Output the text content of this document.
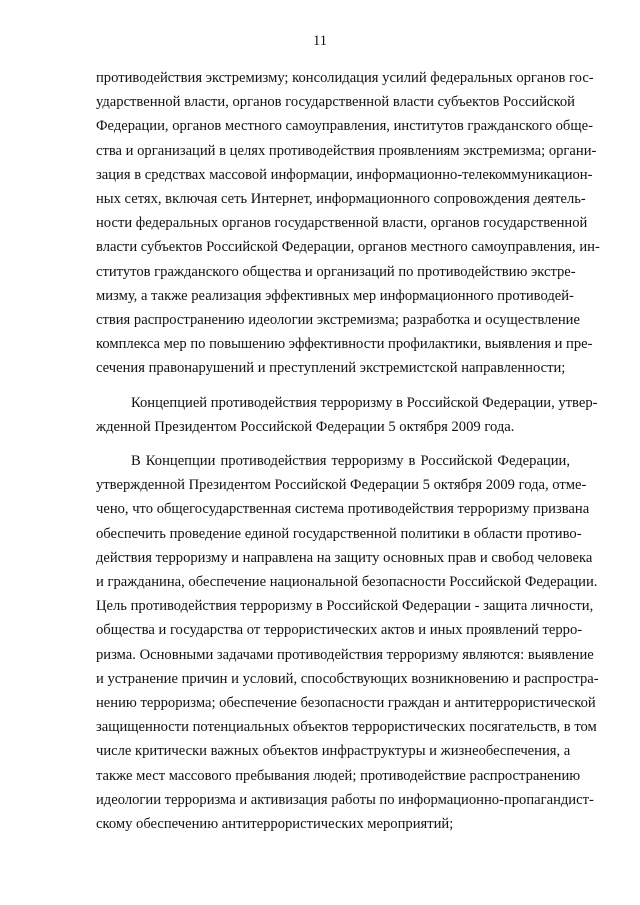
11
противодействия экстремизму; консолидация усилий федеральных органов гос-
ударственной власти, органов государственной власти субъектов Российской
Федерации, органов местного самоуправления, институтов гражданского обще-
ства и организаций в целях противодействия проявлениям экстремизма; органи-
зация в средствах массовой информации, информационно-телекоммуникацион-
ных сетях, включая сеть Интернет, информационного сопровождения деятель-
ности федеральных органов государственной власти, органов государственной
власти субъектов Российской Федерации, органов местного самоуправления, ин-
ститутов гражданского общества и организаций по противодействию экстре-
мизму, а также реализация эффективных мер информационного противодей-
ствия распространению идеологии экстремизма; разработка и осуществление
комплекса мер по повышению эффективности профилактики, выявления и пре-
сечения правонарушений и преступлений экстремистской направленности;
Концепцией противодействия терроризму в Российской Федерации, утвер-
жденной Президентом Российской Федерации 5 октября 2009 года.
В Концепции противодействия терроризму в Российской Федерации,
утвержденной Президентом Российской Федерации 5 октября 2009 года, отме-
чено, что общегосударственная система противодействия терроризму призвана
обеспечить проведение единой государственной политики в области противо-
действия терроризму и направлена на защиту основных прав и свобод человека
и гражданина, обеспечение национальной безопасности Российской Федерации.
Цель противодействия терроризму в Российской Федерации - защита личности,
общества и государства от террористических актов и иных проявлений терро-
ризма. Основными задачами противодействия терроризму являются: выявление
и устранение причин и условий, способствующих возникновению и распростра-
нению терроризма; обеспечение безопасности граждан и антитеррористической
защищенности потенциальных объектов террористических посягательств, в том
числе критически важных объектов инфраструктуры и жизнеобеспечения, а
также мест массового пребывания людей; противодействие распространению
идеологии терроризма и активизация работы по информационно-пропагандист-
скому обеспечению антитеррористических мероприятий;
